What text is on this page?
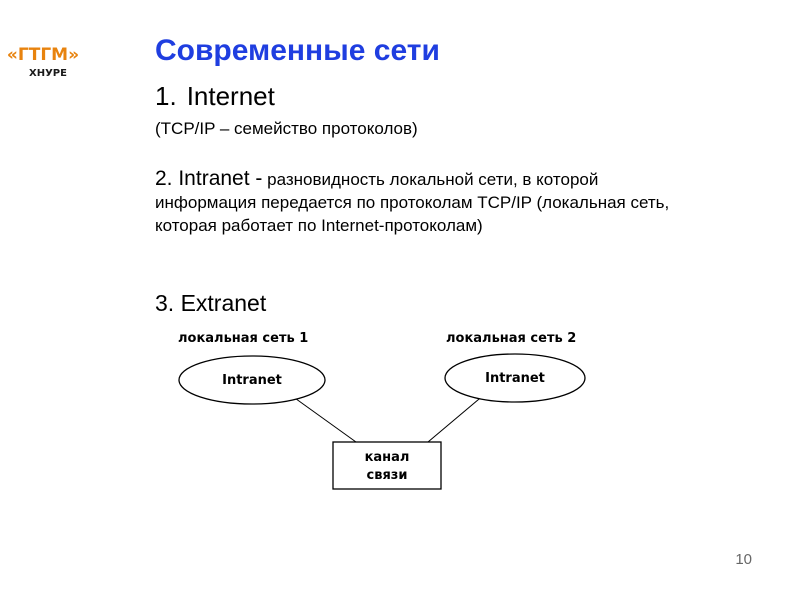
«ГТГМ»
ХНУРЕ
Современные сети
1. Internet
(TCP/IP – семейство протоколов)
2. Intranet - разновидность локальной сети, в которой информация передается по протоколам TCP/IP (локальная сеть, которая работает по Internet-протоколам)
3. Extranet
локальная сеть 1	локальная сеть 2
Intranet	Intranet
канал
связи
10
